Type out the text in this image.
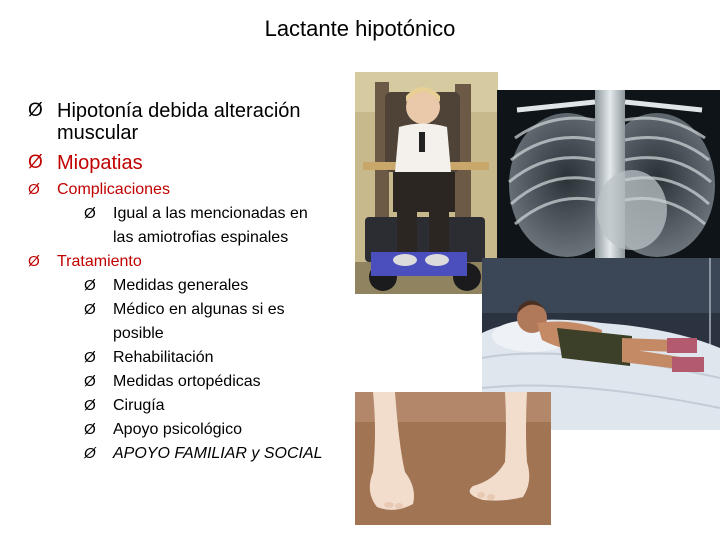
Lactante hipotónico
Ø Hipotonía debida alteración
muscular
Ø Miopatias
Ø	Complicaciones
Ø	Igual a las mencionadas en
las amiotrofias espinales
Ø	Tratamiento
Ø	Medidas generales
Ø	Médico en algunas si es
posible
Ø	Rehabilitación
Ø	Medidas ortopédicas
Ø	Cirugía
Ø	Apoyo psicológico
Ø	APOYO FAMILIAR y SOCIAL
